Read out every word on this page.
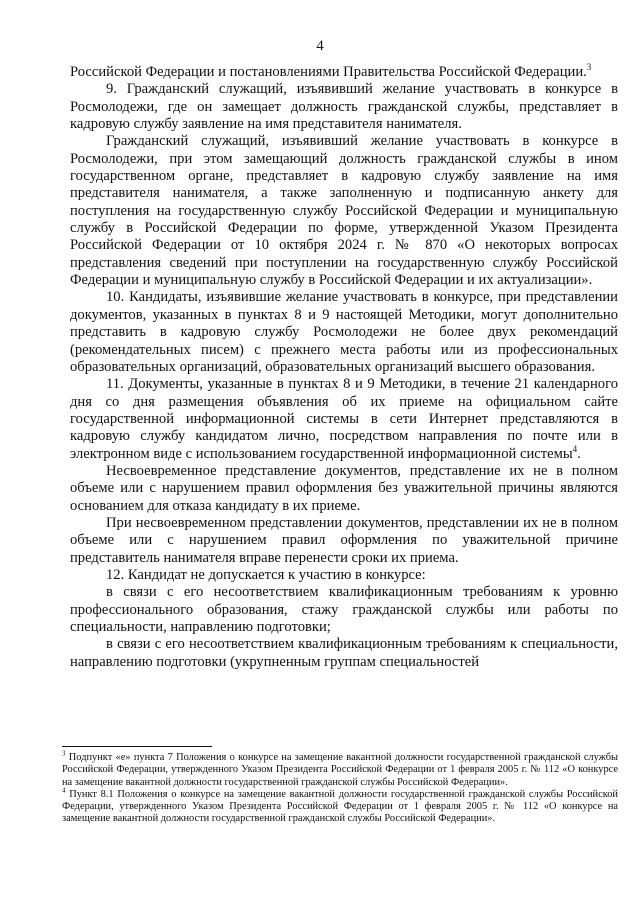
4

Российской Федерации и постановлениями Правительства Российской Федерации.$^3$

9. Гражданский служащий, изъявивший желание участвовать в конкурсе в Росмолодежи, где он замещает должность гражданской службы, представляет в кадровую службу заявление на имя представителя нанимателя.

Гражданский служащий, изъявивший желание участвовать в конкурсе в Росмолодежи, при этом замещающий должность гражданской службы в ином государственном органе, представляет в кадровую службу заявление на имя представителя нанимателя, а также заполненную и подписанную анкету для поступления на государственную службу Российской Федерации и муниципальную службу в Российской Федерации по форме, утвержденной Указом Президента Российской Федерации от 10 октября 2024 г. № 870 «О некоторых вопросах представления сведений при поступлении на государственную службу Российской Федерации и муниципальную службу в Российской Федерации и их актуализации».

10. Кандидаты, изъявившие желание участвовать в конкурсе, при представлении документов, указанных в пунктах 8 и 9 настоящей Методики, могут дополнительно представить в кадровую службу Росмолодежи не более двух рекомендаций (рекомендательных писем) с прежнего места работы или из профессиональных образовательных организаций, образовательных организаций высшего образования.

11. Документы, указанные в пунктах 8 и 9 Методики, в течение 21 календарного дня со дня размещения объявления об их приеме на официальном сайте государственной информационной системы в сети Интернет представляются в кадровую службу кандидатом лично, посредством направления по почте или в электронном виде с использованием государственной информационной системы$^4$.

Несвоевременное представление документов, представление их не в полном объеме или с нарушением правил оформления без уважительной причины являются основанием для отказа кандидату в их приеме.

При несвоевременном представлении документов, представлении их не в полном объеме или с нарушением правил оформления по уважительной причине представитель нанимателя вправе перенести сроки их приема.

12. Кандидат не допускается к участию в конкурсе:

в связи с его несоответствием квалификационным требованиям к уровню профессионального образования, стажу гражданской службы или работы по специальности, направлению подготовки;

в связи с его несоответствием квалификационным требованиям к специальности, направлению подготовки (укрупненным группам специальностей

$^3$ Подпункт «е» пункта 7 Положения о конкурсе на замещение вакантной должности государственной гражданской службы Российской Федерации, утвержденного Указом Президента Российской Федерации от 1 февраля 2005 г. № 112 «О конкурсе на замещение вакантной должности государственной гражданской службы Российской Федерации».

$^4$ Пункт 8.1 Положения о конкурсе на замещение вакантной должности государственной гражданской службы Российской Федерации, утвержденного Указом Президента Российской Федерации от 1 февраля 2005 г. № 112 «О конкурсе на замещение вакантной должности государственной гражданской службы Российской Федерации».
